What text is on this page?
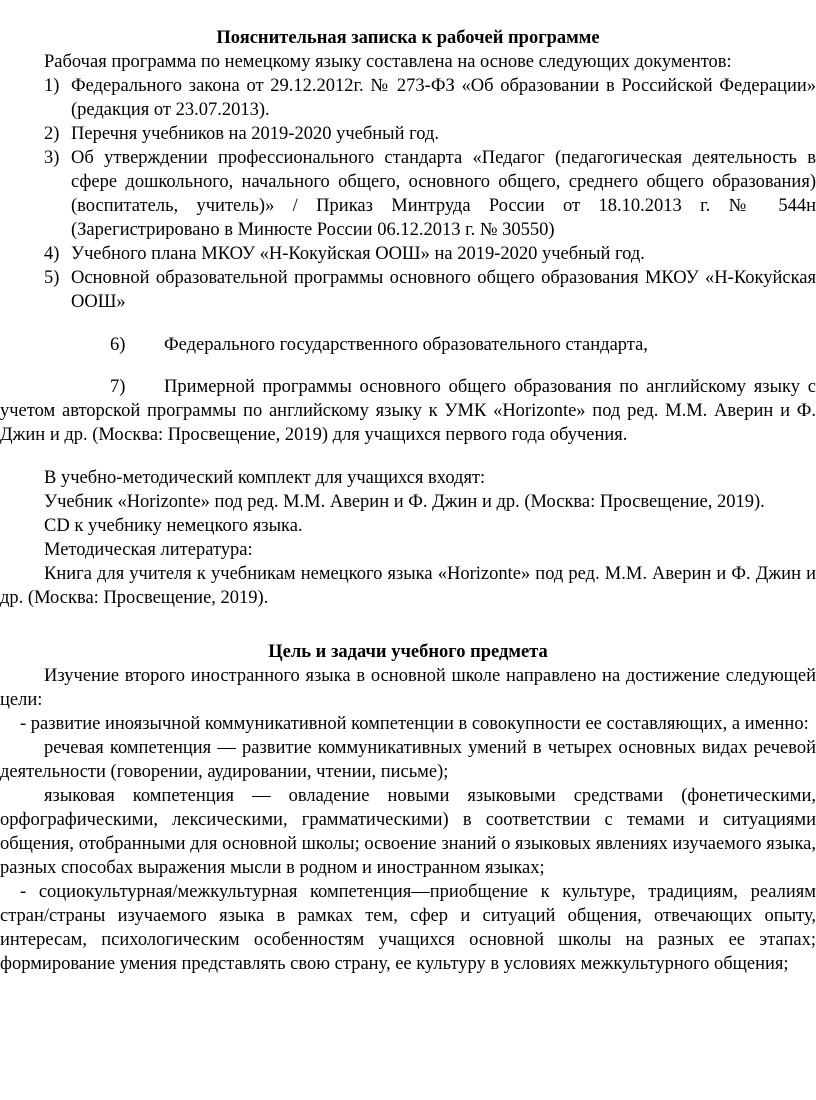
Пояснительная записка к рабочей программе

Рабочая программа по немецкому языку составлена на основе следующих документов:

1) Федерального закона от 29.12.2012г. № 273-ФЗ «Об образовании в Российской Федерации» (редакция от 23.07.2013).
2) Перечня учебников на 2019-2020 учебный год.
3) Об утверждении профессионального стандарта «Педагог (педагогическая деятельность в сфере дошкольного, начального общего, основного общего, среднего общего образования) (воспитатель, учитель)» / Приказ Минтруда России от 18.10.2013 г. № 544н (Зарегистрировано в Минюсте России 06.12.2013 г. № 30550)
4) Учебного плана МКОУ «Н-Кокуйская ООШ» на 2019-2020 учебный год.
5) Основной образовательной программы основного общего образования МКОУ «Н-Кокуйская ООШ»

6) Федерального государственного образовательного стандарта,

7) Примерной программы основного общего образования по английскому языку с учетом авторской программы по английскому языку к УМК «Horizonte» под ред. М.М. Аверин и Ф. Джин и др. (Москва: Просвещение, 2019) для учащихся первого года обучения.

В учебно-методический комплект для учащихся входят:

Учебник «Horizonte» под ред. М.М. Аверин и Ф. Джин и др. (Москва: Просвещение, 2019).

CD к учебнику немецкого языка.

Методическая литература:

Книга для учителя к учебникам немецкого языка «Horizonte» под ред. М.М. Аверин и Ф. Джин и др. (Москва: Просвещение, 2019).

Цель и задачи учебного предмета

Изучение второго иностранного языка в основной школе направлено на достижение следующей цели:

- развитие иноязычной коммуникативной компетенции в совокупности ее составляющих, а именно:

речевая компетенция — развитие коммуникативных умений в четырех основных видах речевой деятельности (говорении, аудировании, чтении, письме);

языковая компетенция — овладение новыми языковыми средствами (фонетическими, орфографическими, лексическими, грамматическими) в соответствии с темами и ситуациями общения, отобранными для основной школы; освоение знаний о языковых явлениях изучаемого языка, разных способах выражения мысли в родном и иностранном языках;

- социокультурная/межкультурная компетенция—приобщение к культуре, традициям, реалиям стран/страны изучаемого языка в рамках тем, сфер и ситуаций общения, отвечающих опыту, интересам, психологическим особенностям учащихся основной школы на разных ее этапах; формирование умения представлять свою страну, ее культуру в условиях межкультурного общения;
